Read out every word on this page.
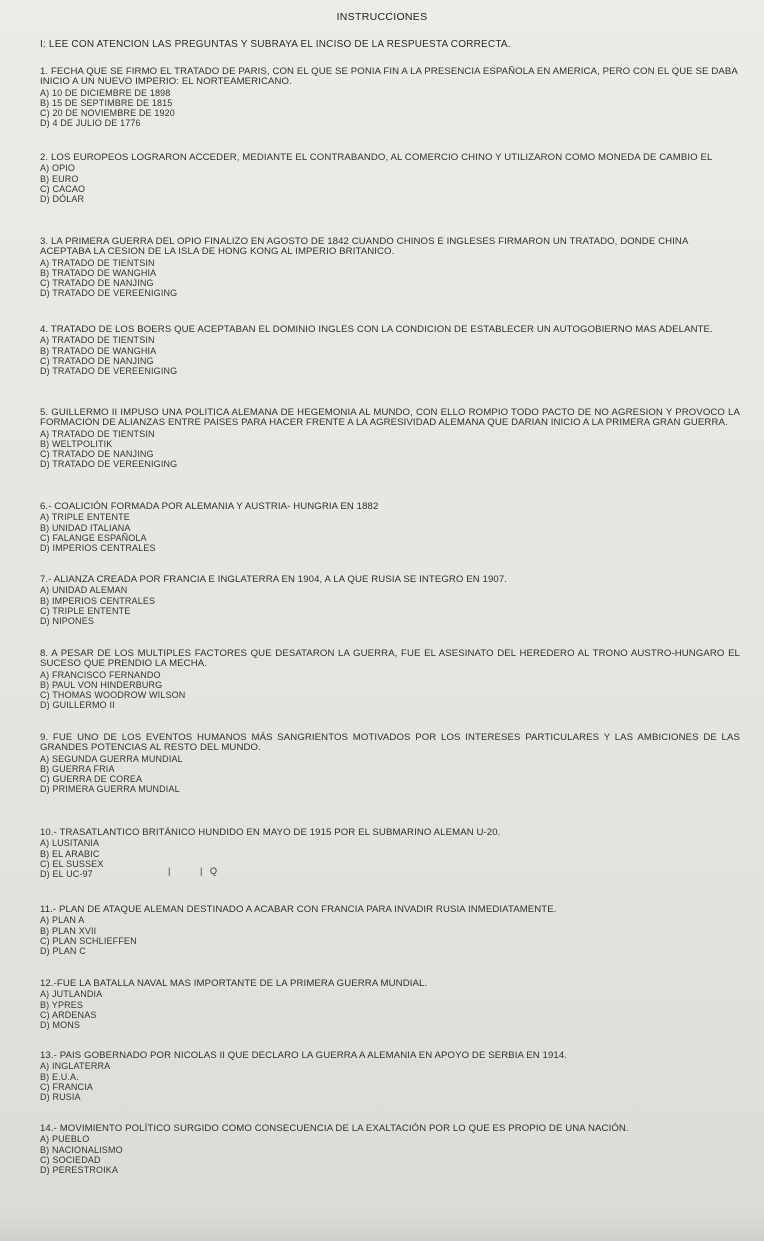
INSTRUCCIONES
I: LEE CON ATENCION LAS PREGUNTAS Y SUBRAYA EL INCISO DE LA RESPUESTA CORRECTA.
1. FECHA QUE SE FIRMO EL TRATADO DE PARIS, CON EL QUE SE PONIA FIN A LA PRESENCIA ESPAÑOLA EN AMERICA, PERO CON EL QUE SE DABA INICIO A UN NUEVO IMPERIO: EL NORTEAMERICANO.
A) 10 DE DICIEMBRE DE 1898
B) 15 DE SEPTIMBRE DE 1815
C) 20 DE NOVIEMBRE DE 1920
D) 4 DE JULIO DE 1776
2. LOS EUROPEOS LOGRARON ACCEDER, MEDIANTE EL CONTRABANDO, AL COMERCIO CHINO Y UTILIZARON COMO MONEDA DE CAMBIO EL
A) OPIO
B) EURO
C) CACAO
D) DÓLAR
3. LA PRIMERA GUERRA DEL OPIO FINALIZO EN AGOSTO DE 1842 CUANDO CHINOS E INGLESES FIRMARON UN TRATADO, DONDE CHINA ACEPTABA LA CESION DE LA ISLA DE HONG KONG AL IMPERIO BRITANICO.
A) TRATADO DE TIENTSIN
B) TRATADO DE WANGHIA
C) TRATADO DE NANJING
D) TRATADO DE VEREENIGING
4. TRATADO DE LOS BOERS QUE ACEPTABAN EL DOMINIO INGLES CON LA CONDICION DE ESTABLECER UN AUTOGOBIERNO MAS ADELANTE.
A) TRATADO DE TIENTSIN
B) TRATADO DE WANGHIA
C) TRATADO DE NANJING
D) TRATADO DE VEREENIGING
5. GUILLERMO II IMPUSO UNA POLITICA ALEMANA DE HEGEMONIA AL MUNDO, CON ELLO ROMPIO TODO PACTO DE NO AGRESION Y PROVOCO LA FORMACION DE ALIANZAS ENTRE PAISES PARA HACER FRENTE A LA AGRESIVIDAD ALEMANA QUE DARIAN INICIO A LA PRIMERA GRAN GUERRA.
A) TRATADO DE TIENTSIN
B) WELTPOLITIK
C) TRATADO DE NANJING
D) TRATADO DE VEREENIGING
6.- COALICIÓN FORMADA POR ALEMANIA Y AUSTRIA- HUNGRIA EN 1882
A) TRIPLE ENTENTE
B) UNIDAD ITALIANA
C) FALANGE ESPAÑOLA
D) IMPERIOS CENTRALES
7.- ALIANZA CREADA POR FRANCIA E INGLATERRA EN 1904, A LA QUE RUSIA SE INTEGRO EN 1907.
A) UNIDAD ALEMAN
B) IMPERIOS CENTRALES
C) TRIPLE ENTENTE
D) NIPONES
8. A PESAR DE LOS MULTIPLES FACTORES QUE DESATARON LA GUERRA, FUE EL ASESINATO DEL HEREDERO AL TRONO AUSTRO-HUNGARO EL SUCESO QUE PRENDIO LA MECHA.
A) FRANCISCO FERNANDO
B) PAUL VON HINDERBURG
C) THOMAS WOODROW WILSON
D) GUILLERMO II
9. FUE UNO DE LOS EVENTOS HUMANOS MÁS SANGRIENTOS MOTIVADOS POR LOS INTERESES PARTICULARES Y LAS AMBICIONES DE LAS GRANDES POTENCIAS AL RESTO DEL MUNDO.
A) SEGUNDA GUERRA MUNDIAL
B) GUERRA FRIA
C) GUERRA DE COREA
D) PRIMERA GUERRA MUNDIAL
10.- TRASATLANTICO BRITÁNICO HUNDIDO EN MAYO DE 1915 POR EL SUBMARINO ALEMAN U-20.
A) LUSITANIA
B) EL ARABIC
C) EL SUSSEX
D) EL UC-97	|
|	Q
11.- PLAN DE ATAQUE ALEMAN DESTINADO A ACABAR CON FRANCIA PARA INVADIR RUSIA INMEDIATAMENTE.
A) PLAN A
B) PLAN XVII
C) PLAN SCHLIEFFEN
D) PLAN C
12.-FUE LA BATALLA NAVAL MAS IMPORTANTE DE LA PRIMERA GUERRA MUNDIAL.
A) JUTLANDIA
B) YPRES
C) ARDENAS
D) MONS
13.- PAIS GOBERNADO POR NICOLAS II QUE DECLARO LA GUERRA A ALEMANIA EN APOYO DE SERBIA EN 1914.
A) INGLATERRA
B) E.U.A.
C) FRANCIA
D) RUSIA
14.- MOVIMIENTO POLÍTICO SURGIDO COMO CONSECUENCIA DE LA EXALTACIÓN POR LO QUE ES PROPIO DE UNA NACIÓN.
A) PUEBLO
B) NACIONALISMO
C) SOCIEDAD
D) PERESTROIKA
